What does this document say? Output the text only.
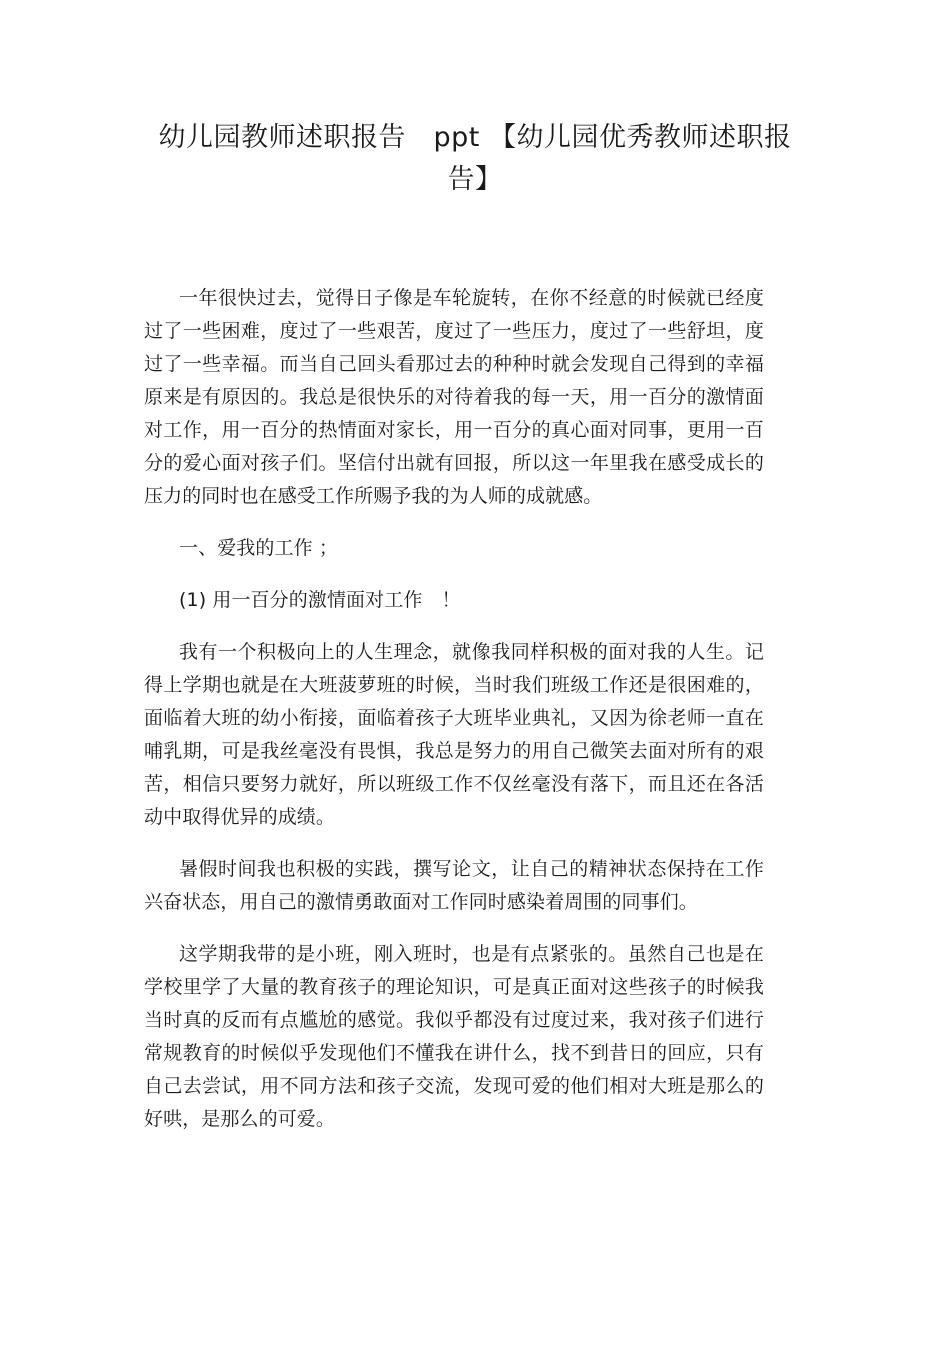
幼儿园教师述职报告　ppt 【幼儿园优秀教师述职报告】

一年很快过去，觉得日子像是车轮旋转，在你不经意的时候就已经度过了一些困难，度过了一些艰苦，度过了一些压力，度过了一些舒坦，度过了一些幸福。而当自己回头看那过去的种种时就会发现自己得到的幸福原来是有原因的。我总是很快乐的对待着我的每一天，用一百分的激情面对工作，用一百分的热情面对家长，用一百分的真心面对同事，更用一百分的爱心面对孩子们。坚信付出就有回报，所以这一年里我在感受成长的压力的同时也在感受工作所赐予我的为人师的成就感。

一、爱我的工作 ；

(1) 用一百分的激情面对工作　！

我有一个积极向上的人生理念，就像我同样积极的面对我的人生。记得上学期也就是在大班菠萝班的时候，当时我们班级工作还是很困难的，面临着大班的幼小衔接，面临着孩子大班毕业典礼，又因为徐老师一直在哺乳期，可是我丝毫没有畏惧，我总是努力的用自己微笑去面对所有的艰苦，相信只要努力就好，所以班级工作不仅丝毫没有落下，而且还在各活动中取得优异的成绩。

暑假时间我也积极的实践，撰写论文，让自己的精神状态保持在工作兴奋状态，用自己的激情勇敢面对工作同时感染着周围的同事们。

这学期我带的是小班，刚入班时，也是有点紧张的。虽然自己也是在学校里学了大量的教育孩子的理论知识，可是真正面对这些孩子的时候我当时真的反而有点尴尬的感觉。我似乎都没有过度过来，我对孩子们进行常规教育的时候似乎发现他们不懂我在讲什么，找不到昔日的回应，只有自己去尝试，用不同方法和孩子交流，发现可爱的他们相对大班是那么的好哄，是那么的可爱。
